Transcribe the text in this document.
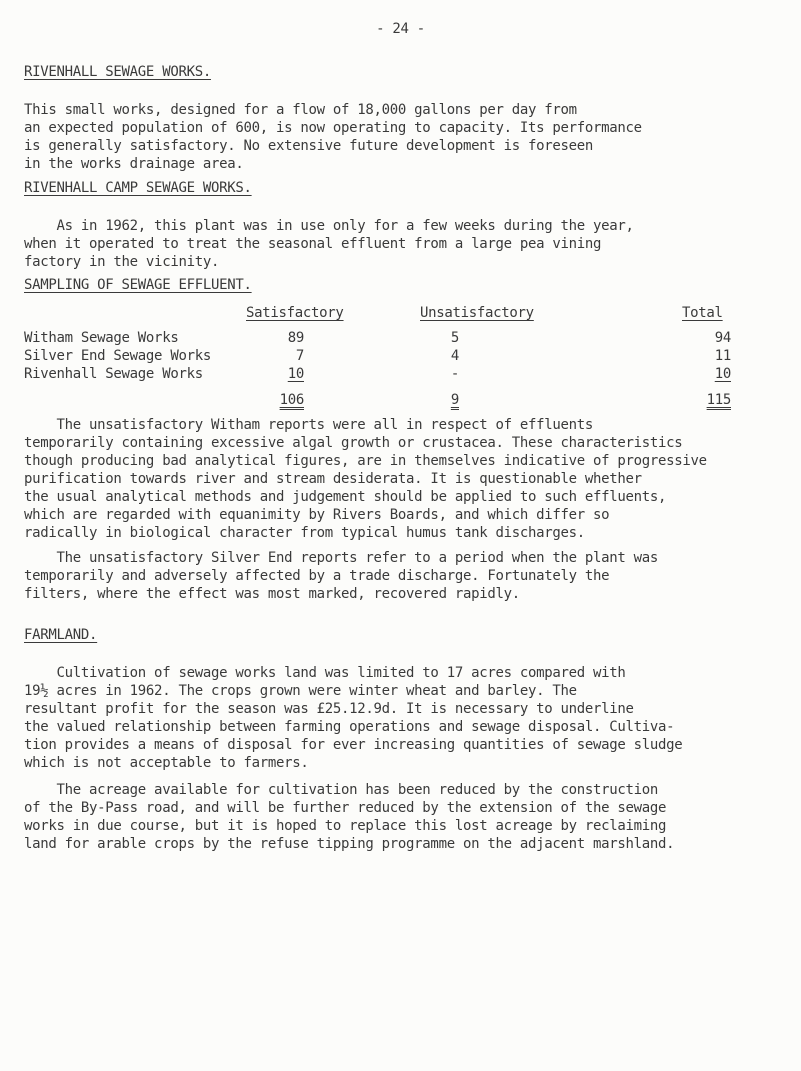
- 24 -
RIVENHALL SEWAGE WORKS.
This small works, designed for a flow of 18,000 gallons per day from
an expected population of 600, is now operating to capacity. Its performance
is generally satisfactory. No extensive future development is foreseen
in the works drainage area.
RIVENHALL CAMP SEWAGE WORKS.
As in 1962, this plant was in use only for a few weeks during the year,
when it operated to treat the seasonal effluent from a large pea vining
factory in the vicinity.
SAMPLING OF SEWAGE EFFLUENT.
Satisfactory	Unsatisfactory	Total
Witham Sewage Works	89	5	94
Silver End Sewage Works	7	4	11
Rivenhall Sewage Works	10	-	10
106	9	115
The unsatisfactory Witham reports were all in respect of effluents
temporarily containing excessive algal growth or crustacea. These characteristics
though producing bad analytical figures, are in themselves indicative of progressive
purification towards river and stream desiderata. It is questionable whether
the usual analytical methods and judgement should be applied to such effluents,
which are regarded with equanimity by Rivers Boards, and which differ so
radically in biological character from typical humus tank discharges.
The unsatisfactory Silver End reports refer to a period when the plant was
temporarily and adversely affected by a trade discharge. Fortunately the
filters, where the effect was most marked, recovered rapidly.
FARMLAND.
Cultivation of sewage works land was limited to 17 acres compared with
19½ acres in 1962. The crops grown were winter wheat and barley. The
resultant profit for the season was £25.12.9d. It is necessary to underline
the valued relationship between farming operations and sewage disposal. Cultiva-
tion provides a means of disposal for ever increasing quantities of sewage sludge
which is not acceptable to farmers.
The acreage available for cultivation has been reduced by the construction
of the By-Pass road, and will be further reduced by the extension of the sewage
works in due course, but it is hoped to replace this lost acreage by reclaiming
land for arable crops by the refuse tipping programme on the adjacent marshland.
